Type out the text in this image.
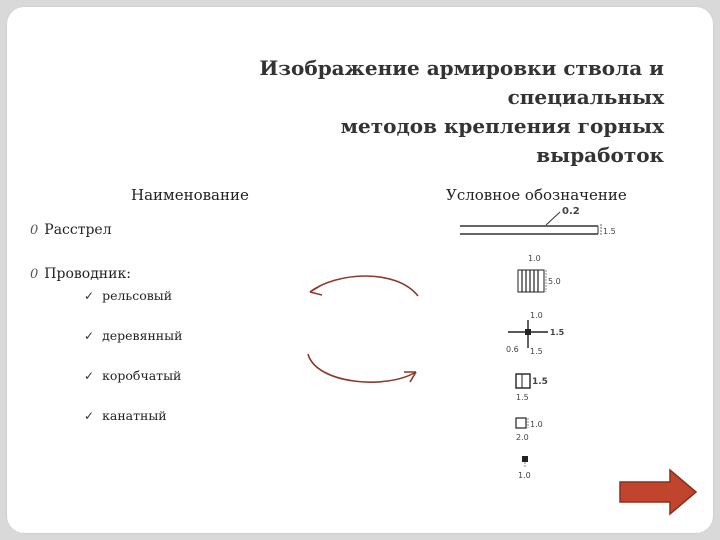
Изображение армировки ствола и специальных
методов крепления горных
выработок
Наименование	Условное обозначение
0 Расстрел
0 Проводник:
✓ рельсовый
✓ деревянный
✓ коробчатый
✓ канатный
0.2
1.5
1.0
5.0
1.0
1.5
0.6 1.5
1.5
1.5
1.0
2.0
1.0
